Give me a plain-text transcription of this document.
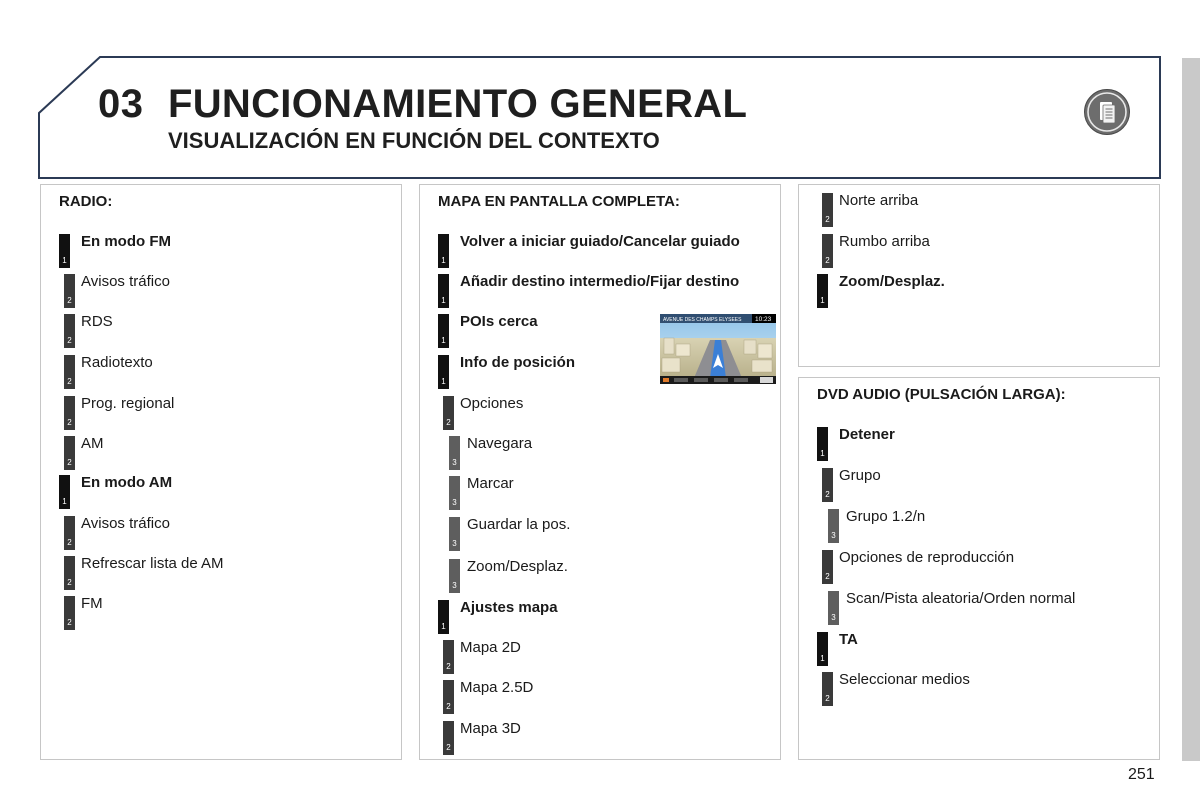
03 FUNCIONAMIENTO GENERAL
VISUALIZACIÓN EN FUNCIÓN DEL CONTEXTO
RADIO:
1
En modo FM
2
Avisos tráfico
2
RDS
2
Radiotexto
2
Prog. regional
2
AM
1
En modo AM
2
Avisos tráfico
2
Refrescar lista de AM
2
FM
MAPA EN PANTALLA COMPLETA:
1
Volver a iniciar guiado/Cancelar guiado
1
Añadir destino intermedio/Fijar destino
1
POIs cerca
1
Info de posición
2
Opciones
3
Navegara
3
Marcar
3
Guardar la pos.
3
Zoom/Desplaz.
1
Ajustes mapa
2
Mapa 2D
2
Mapa 2.5D
2
Mapa 3D
AVENUE DES CHAMPS ELYSEES 10:23
2
Norte arriba
2
Rumbo arriba
1
Zoom/Desplaz.
DVD AUDIO (PULSACIÓN LARGA):
1
Detener
2
Grupo
3
Grupo 1.2/n
2
Opciones de reproducción
3
Scan/Pista aleatoria/Orden normal
1
TA
2
Seleccionar medios
251
